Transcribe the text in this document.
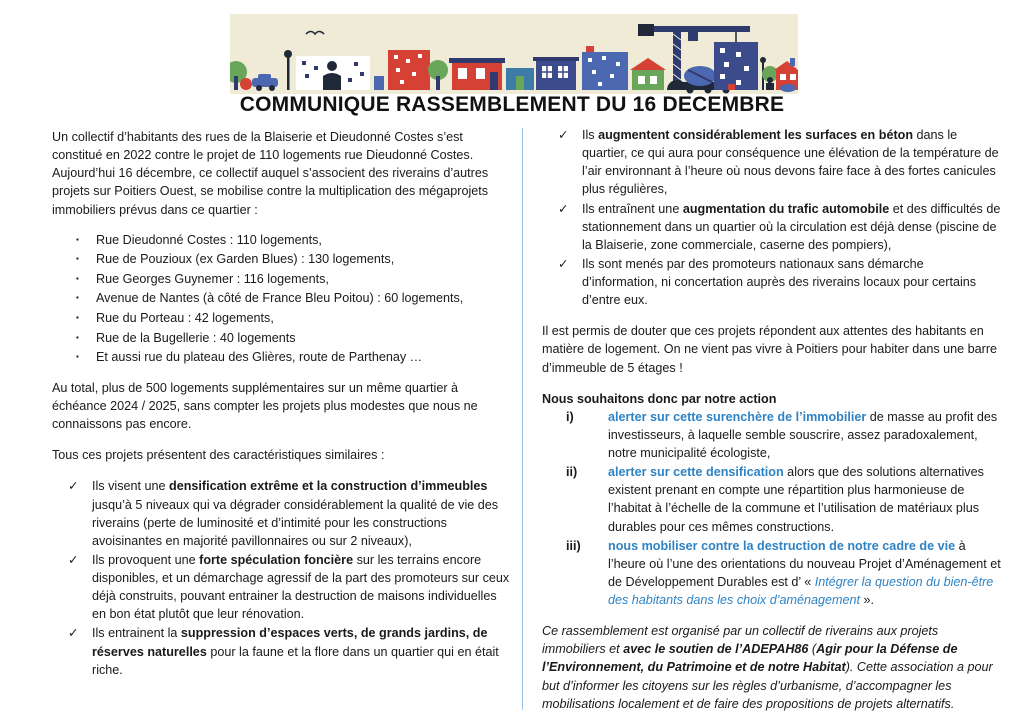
COMMUNIQUE RASSEMBLEMENT DU 16 DECEMBRE

Un collectif d’habitants des rues de la Blaiserie et Dieudonné Costes s’est constitué en 2022 contre le projet de 110 logements rue Dieudonné Costes. Aujourd’hui 16 décembre, ce collectif auquel s’associent des riverains d’autres projets sur Poitiers Ouest, se mobilise contre la multiplication des mégaprojets immobiliers prévus dans ce quartier :

▪	Rue Dieudonné Costes : 110 logements,
▪	Rue de Pouzioux (ex Garden Blues) : 130 logements,
▪	Rue Georges Guynemer : 116 logements,
▪	Avenue de Nantes (à côté de France Bleu Poitou) : 60 logements,
▪	Rue du Porteau : 42 logements,
▪	Rue de la Bugellerie : 40 logements
▪	Et aussi rue du plateau des Glières, route de Parthenay …

Au total, plus de 500 logements supplémentaires sur un même quartier à échéance 2024 / 2025, sans compter les projets plus modestes que nous ne connaissons pas encore.

Tous ces projets présentent des caractéristiques similaires :

✓	Ils visent une densification extrême et la construction d’immeubles jusqu’à 5 niveaux qui va dégrader considérablement la qualité de vie des riverains (perte de luminosité et d’intimité pour les constructions avoisinantes en majorité pavillonnaires ou sur 2 niveaux),
✓	Ils provoquent une forte spéculation foncière sur les terrains encore disponibles, et un démarchage agressif de la part des promoteurs sur ceux déjà construits, pouvant entrainer la destruction de maisons individuelles en bon état plutôt que leur rénovation.
✓	Ils entrainent la suppression d’espaces verts, de grands jardins, de réserves naturelles pour la faune et la flore dans un quartier qui en était riche.
✓	Ils augmentent considérablement les surfaces en béton dans le quartier, ce qui aura pour conséquence une élévation de la température de l’air environnant à l’heure où nous devons faire face à des fortes canicules plus régulières,
✓	Ils entraînent une augmentation du trafic automobile et des difficultés de stationnement dans un quartier où la circulation est déjà dense (piscine de la Blaiserie, zone commerciale, caserne des pompiers),
✓	Ils sont menés par des promoteurs nationaux sans démarche d’information, ni concertation auprès des riverains locaux pour certains d’entre eux.

Il est permis de douter que ces projets répondent aux attentes des habitants en matière de logement. On ne vient pas vivre à Poitiers pour habiter dans une barre d’immeuble de 5 étages !

Nous souhaitons donc par notre action

i)	alerter sur cette surenchère de l’immobilier de masse au profit des investisseurs, à laquelle semble souscrire, assez paradoxalement, notre municipalité écologiste,
ii)	alerter sur cette densification alors que des solutions alternatives existent prenant en compte une répartition plus harmonieuse de l’habitat à l’échelle de la commune et l’utilisation de matériaux plus durables pour ces mêmes constructions.
iii)	nous mobiliser contre la destruction de notre cadre de vie à l’heure où l’une des orientations du nouveau Projet d’Aménagement et de Développement Durables est d’ « Intégrer la question du bien-être des habitants dans les choix d’aménagement ».

Ce rassemblement est organisé par un collectif de riverains aux projets immobiliers et avec le soutien de l’ADEPAH86 (Agir pour la Défense de l’Environnement, du Patrimoine et de notre Habitat). Cette association a pour but d’informer les citoyens sur les règles d’urbanisme, d’accompagner les mobilisations localement et de faire des propositions de projets alternatifs.
